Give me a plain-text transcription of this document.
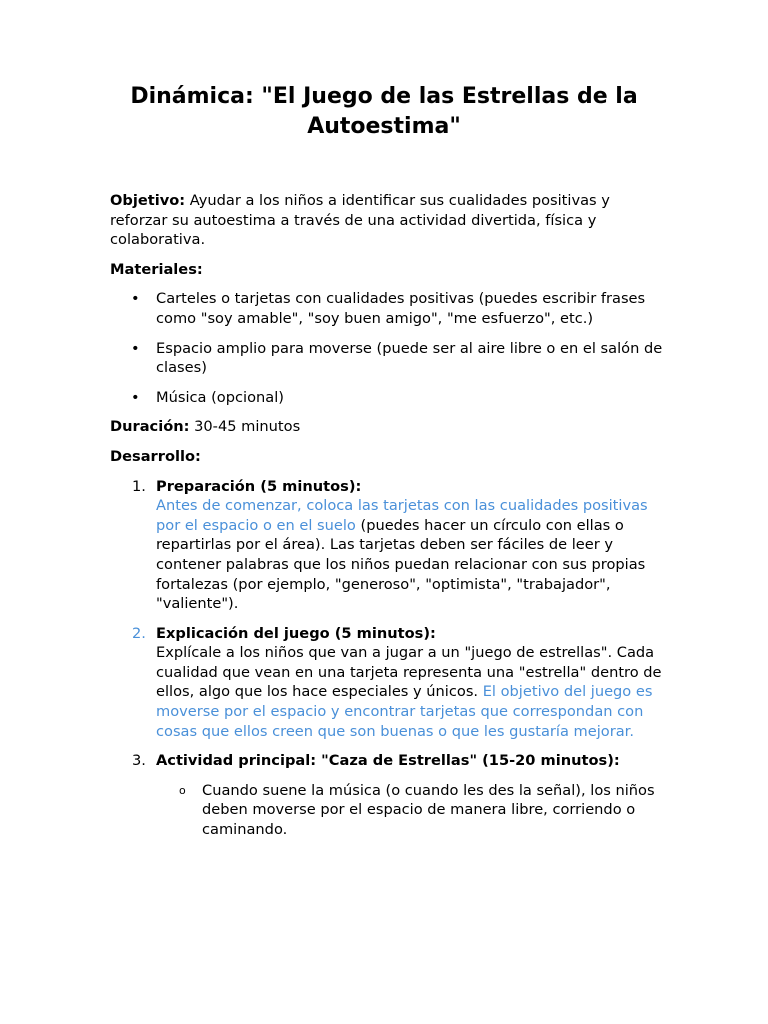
Dinámica: "El Juego de las Estrellas de la Autoestima"

Objetivo: Ayudar a los niños a identificar sus cualidades positivas y reforzar su autoestima a través de una actividad divertida, física y colaborativa.

Materiales:

• Carteles o tarjetas con cualidades positivas (puedes escribir frases como "soy amable", "soy buen amigo", "me esfuerzo", etc.)
• Espacio amplio para moverse (puede ser al aire libre o en el salón de clases)
• Música (opcional)

Duración: 30-45 minutos

Desarrollo:

1. Preparación (5 minutos):
Antes de comenzar, coloca las tarjetas con las cualidades positivas por el espacio o en el suelo (puedes hacer un círculo con ellas o repartirlas por el área). Las tarjetas deben ser fáciles de leer y contener palabras que los niños puedan relacionar con sus propias fortalezas (por ejemplo, "generoso", "optimista", "trabajador", "valiente").
2. Explicación del juego (5 minutos):
Explícale a los niños que van a jugar a un "juego de estrellas". Cada cualidad que vean en una tarjeta representa una "estrella" dentro de ellos, algo que los hace especiales y únicos. El objetivo del juego es moverse por el espacio y encontrar tarjetas que correspondan con cosas que ellos creen que son buenas o que les gustaría mejorar.
3. Actividad principal: "Caza de Estrellas" (15-20 minutos):
o Cuando suene la música (o cuando les des la señal), los niños deben moverse por el espacio de manera libre, corriendo o caminando.
